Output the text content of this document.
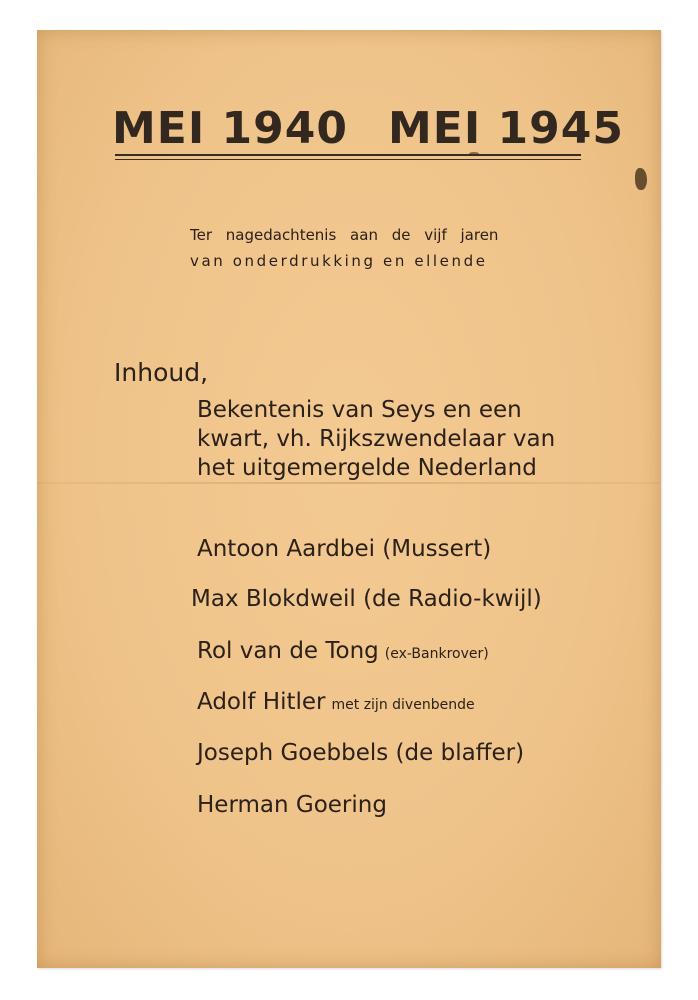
MEI 1940 MEI 1945
Ter nagedachtenis aan de vijf jaren
van onderdrukking en ellende
Inhoud,
Bekentenis van Seys en een
kwart, vh. Rijkszwendelaar van
het uitgemergelde Nederland
Antoon Aardbei (Mussert)
Max Blokdweil (de Radio-kwijl)
Rol van de Tong (ex-Bankrover)
Adolf Hitler met zijn divenbende
Joseph Goebbels (de blaffer)
Herman Goering
